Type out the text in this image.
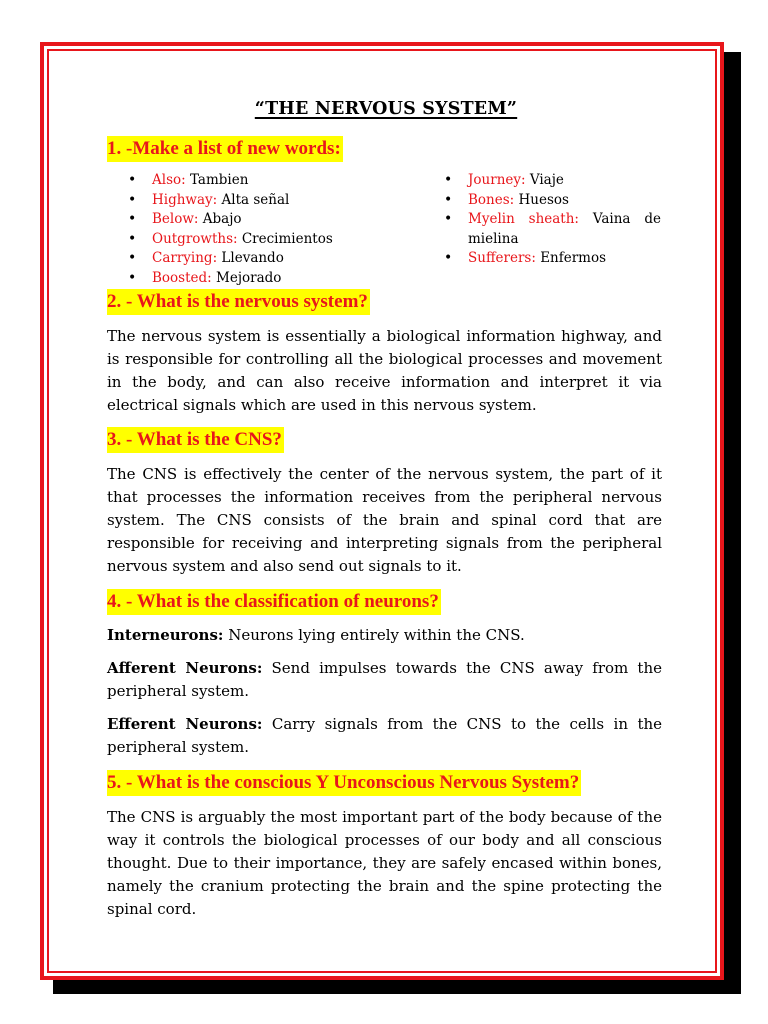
“THE NERVOUS SYSTEM”
1. -Make a list of new words:
• Also: Tambien
• Highway: Alta señal
• Below: Abajo
• Outgrowths: Crecimientos
• Carrying: Llevando
• Boosted: Mejorado
• Journey: Viaje
• Bones: Huesos
• Myelin sheath: Vaina de mielina
• Sufferers: Enfermos
2. - What is the nervous system?

The nervous system is essentially a biological information highway, and is responsible for controlling all the biological processes and movement in the body, and can also receive information and interpret it via electrical signals which are used in this nervous system.

3. - What is the CNS?

The CNS is effectively the center of the nervous system, the part of it that processes the information receives from the peripheral nervous system. The CNS consists of the brain and spinal cord that are responsible for receiving and interpreting signals from the peripheral nervous system and also send out signals to it.

4. - What is the classification of neurons?

Interneurons: Neurons lying entirely within the CNS.

Afferent Neurons: Send impulses towards the CNS away from the peripheral system.

Efferent Neurons: Carry signals from the CNS to the cells in the peripheral system.

5. - What is the conscious Y Unconscious Nervous System?

The CNS is arguably the most important part of the body because of the way it controls the biological processes of our body and all conscious thought. Due to their importance, they are safely encased within bones, namely the cranium protecting the brain and the spine protecting the spinal cord.
